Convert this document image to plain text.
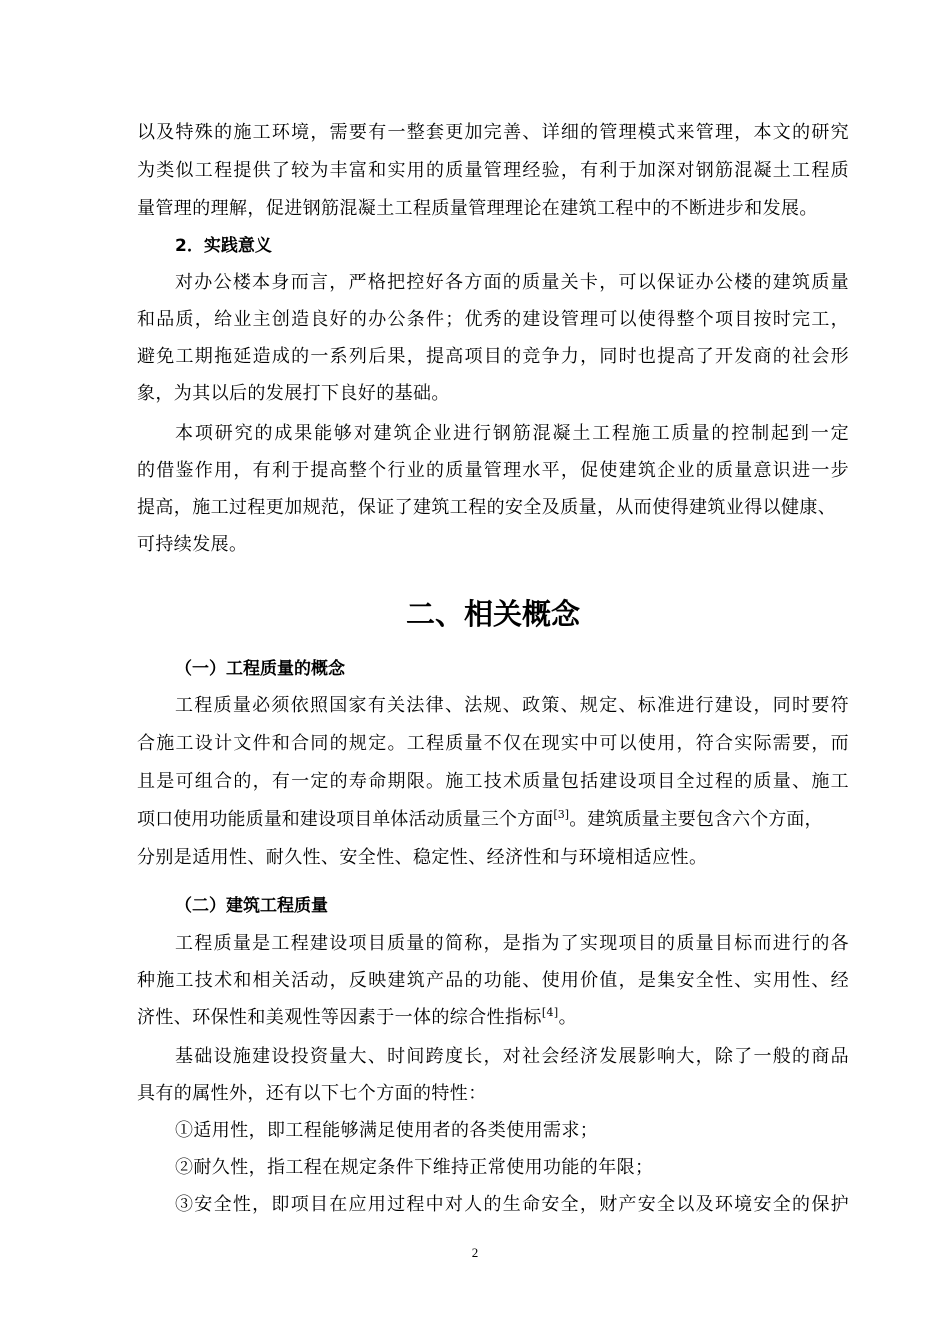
以及特殊的施工环境，需要有一整套更加完善、详细的管理模式来管理，本文的研究
为类似工程提供了较为丰富和实用的质量管理经验，有利于加深对钢筋混凝土工程质
量管理的理解，促进钢筋混凝土工程质量管理理论在建筑工程中的不断进步和发展。
2．实践意义
对办公楼本身而言，严格把控好各方面的质量关卡，可以保证办公楼的建筑质量
和品质，给业主创造良好的办公条件；优秀的建设管理可以使得整个项目按时完工，
避免工期拖延造成的一系列后果，提高项目的竞争力，同时也提高了开发商的社会形
象，为其以后的发展打下良好的基础。
本项研究的成果能够对建筑企业进行钢筋混凝土工程施工质量的控制起到一定
的借鉴作用，有利于提高整个行业的质量管理水平，促使建筑企业的质量意识进一步
提高，施工过程更加规范，保证了建筑工程的安全及质量，从而使得建筑业得以健康、
可持续发展。
二、相关概念
（一）工程质量的概念
工程质量必须依照国家有关法律、法规、政策、规定、标准进行建设，同时要符
合施工设计文件和合同的规定。工程质量不仅在现实中可以使用，符合实际需要，而
且是可组合的，有一定的寿命期限。施工技术质量包括建设项目全过程的质量、施工
项口使用功能质量和建设项目单体活动质量三个方面[3]。建筑质量主要包含六个方面，
分别是适用性、耐久性、安全性、稳定性、经济性和与环境相适应性。
（二）建筑工程质量
工程质量是工程建设项目质量的简称，是指为了实现项目的质量目标而进行的各
种施工技术和相关活动，反映建筑产品的功能、使用价值，是集安全性、实用性、经
济性、环保性和美观性等因素于一体的综合性指标[4]。
基础设施建设投资量大、时间跨度长，对社会经济发展影响大，除了一般的商品
具有的属性外，还有以下七个方面的特性：
①适用性，即工程能够满足使用者的各类使用需求；
②耐久性，指工程在规定条件下维持正常使用功能的年限；
③安全性，即项目在应用过程中对人的生命安全，财产安全以及环境安全的保护
2
